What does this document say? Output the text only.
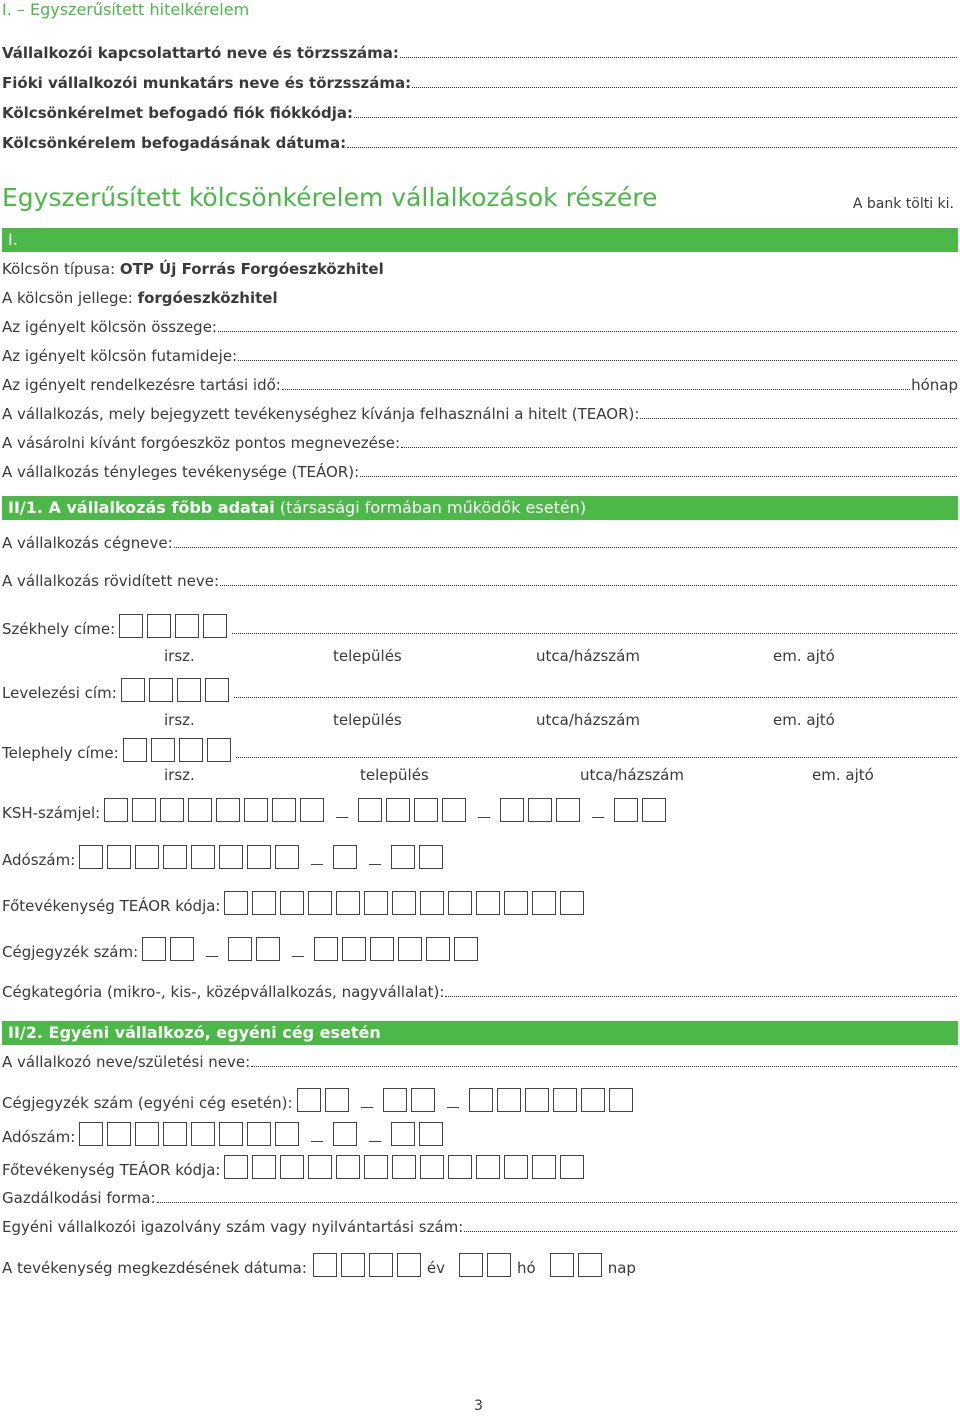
I. – Egyszerűsített hitelkérelem
Vállalkozói kapcsolattartó neve és törzsszáma:
Fióki vállalkozói munkatárs neve és törzsszáma:
Kölcsönkérelmet befogadó fiók fiókkódja:
Kölcsönkérelem befogadásának dátuma:
Egyszerűsített kölcsönkérelem vállalkozások részére	A bank tölti ki.
I.
Kölcsön típusa: OTP Új Forrás Forgóeszközhitel
A kölcsön jellege: forgóeszközhitel
Az igényelt kölcsön összege:
Az igényelt kölcsön futamideje:
Az igényelt rendelkezésre tartási idő:	hónap
A vállalkozás, mely bejegyzett tevékenységhez kívánja felhasználni a hitelt (TEAOR):
A vásárolni kívánt forgóeszköz pontos megnevezése:
A vállalkozás tényleges tevékenysége (TEÁOR):
II/1. A vállalkozás főbb adatai (társasági formában működők esetén)
A vállalkozás cégneve:
A vállalkozás rövidített neve:
Székhely címe:
irsz.	település	utca/házszám	em. ajtó
Levelezési cím:
irsz.	település	utca/házszám	em. ajtó
Telephely címe:
irsz.	település	utca/házszám	em. ajtó
KSH-számjel:
Adószám:
Főtevékenység TEÁOR kódja:
Cégjegyzék szám:
Cégkategória (mikro-, kis-, középvállalkozás, nagyvállalat):
II/2. Egyéni vállalkozó, egyéni cég esetén
A vállalkozó neve/születési neve:
Cégjegyzék szám (egyéni cég esetén):
Adószám:
Főtevékenység TEÁOR kódja:
Gazdálkodási forma:
Egyéni vállalkozói igazolvány szám vagy nyilvántartási szám:
A tevékenység megkezdésének dátuma:	év	hó	nap
3
